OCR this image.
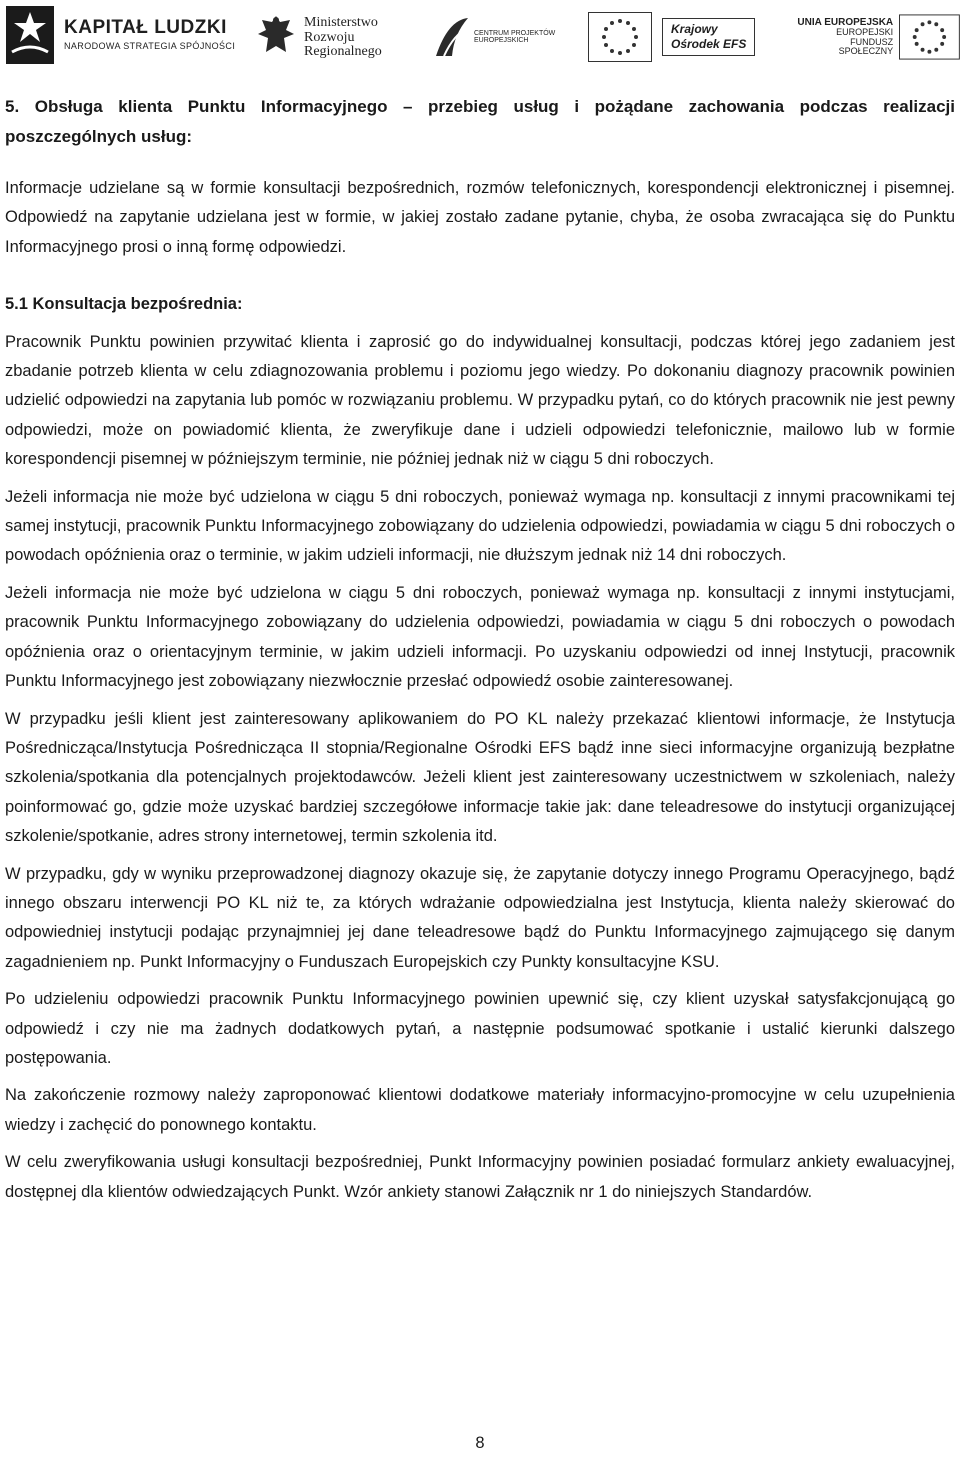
KAPITAŁ LUDZKI
NARODOWA STRATEGIA SPÓJNOŚCI
Ministerstwo
Rozwoju
Regionalnego
CENTRUM PROJEKTÓW
EUROPEJSKICH
Krajowy
Ośrodek EFS
UNIA EUROPEJSKA
EUROPEJSKI
FUNDUSZ SPOŁECZNY
5. Obsługa klienta Punktu Informacyjnego – przebieg usług i pożądane zachowania podczas realizacji poszczególnych usług:

Informacje udzielane są w formie konsultacji bezpośrednich, rozmów telefonicznych, korespondencji elektronicznej i pisemnej. Odpowiedź na zapytanie udzielana jest w formie, w jakiej zostało zadane pytanie, chyba, że osoba zwracająca się do Punktu Informacyjnego prosi o inną formę odpowiedzi.

5.1 Konsultacja bezpośrednia:

Pracownik Punktu powinien przywitać klienta i zaprosić go do indywidualnej konsultacji, podczas której jego zadaniem jest zbadanie potrzeb klienta w celu zdiagnozowania problemu i poziomu jego wiedzy. Po dokonaniu diagnozy pracownik powinien udzielić odpowiedzi na zapytania lub pomóc w rozwiązaniu problemu. W przypadku pytań, co do których pracownik nie jest pewny odpowiedzi, może on powiadomić klienta, że zweryfikuje dane i udzieli odpowiedzi telefonicznie, mailowo lub w formie korespondencji pisemnej w późniejszym terminie, nie później jednak niż w ciągu 5 dni roboczych.

Jeżeli informacja nie może być udzielona w ciągu 5 dni roboczych, ponieważ wymaga np. konsultacji z innymi pracownikami tej samej instytucji, pracownik Punktu Informacyjnego zobowiązany do udzielenia odpowiedzi, powiadamia w ciągu 5 dni roboczych o powodach opóźnienia oraz o terminie, w jakim udzieli informacji, nie dłuższym jednak niż 14 dni roboczych.

Jeżeli informacja nie może być udzielona w ciągu 5 dni roboczych, ponieważ wymaga np. konsultacji z innymi instytucjami, pracownik Punktu Informacyjnego zobowiązany do udzielenia odpowiedzi, powiadamia w ciągu 5 dni roboczych o powodach opóźnienia oraz o orientacyjnym terminie, w jakim udzieli informacji. Po uzyskaniu odpowiedzi od innej Instytucji, pracownik Punktu Informacyjnego jest zobowiązany niezwłocznie przesłać odpowiedź osobie zainteresowanej.

W przypadku jeśli klient jest zainteresowany aplikowaniem do PO KL należy przekazać klientowi informacje, że Instytucja Pośrednicząca/Instytucja Pośrednicząca II stopnia/Regionalne Ośrodki EFS bądź inne sieci informacyjne organizują bezpłatne szkolenia/spotkania dla potencjalnych projektodawców. Jeżeli klient jest zainteresowany uczestnictwem w szkoleniach, należy poinformować go, gdzie może uzyskać bardziej szczegółowe informacje takie jak: dane teleadresowe do instytucji organizującej szkolenie/spotkanie, adres strony internetowej, termin szkolenia itd.

W przypadku, gdy w wyniku przeprowadzonej diagnozy okazuje się, że zapytanie dotyczy innego Programu Operacyjnego, bądź innego obszaru interwencji PO KL niż te, za których wdrażanie odpowiedzialna jest Instytucja, klienta należy skierować do odpowiedniej instytucji podając przynajmniej jej dane teleadresowe bądź do Punktu Informacyjnego zajmującego się danym zagadnieniem np. Punkt Informacyjny o Funduszach Europejskich czy Punkty konsultacyjne KSU.

Po udzieleniu odpowiedzi pracownik Punktu Informacyjnego powinien upewnić się, czy klient uzyskał satysfakcjonującą go odpowiedź i czy nie ma żadnych dodatkowych pytań, a następnie podsumować spotkanie i ustalić kierunki dalszego postępowania.

Na zakończenie rozmowy należy zaproponować klientowi dodatkowe materiały informacyjno-promocyjne w celu uzupełnienia wiedzy i zachęcić do ponownego kontaktu.

W celu zweryfikowania usługi konsultacji bezpośredniej, Punkt Informacyjny powinien posiadać formularz ankiety ewaluacyjnej, dostępnej dla klientów odwiedzających Punkt. Wzór ankiety stanowi Załącznik nr 1 do niniejszych Standardów.

8
